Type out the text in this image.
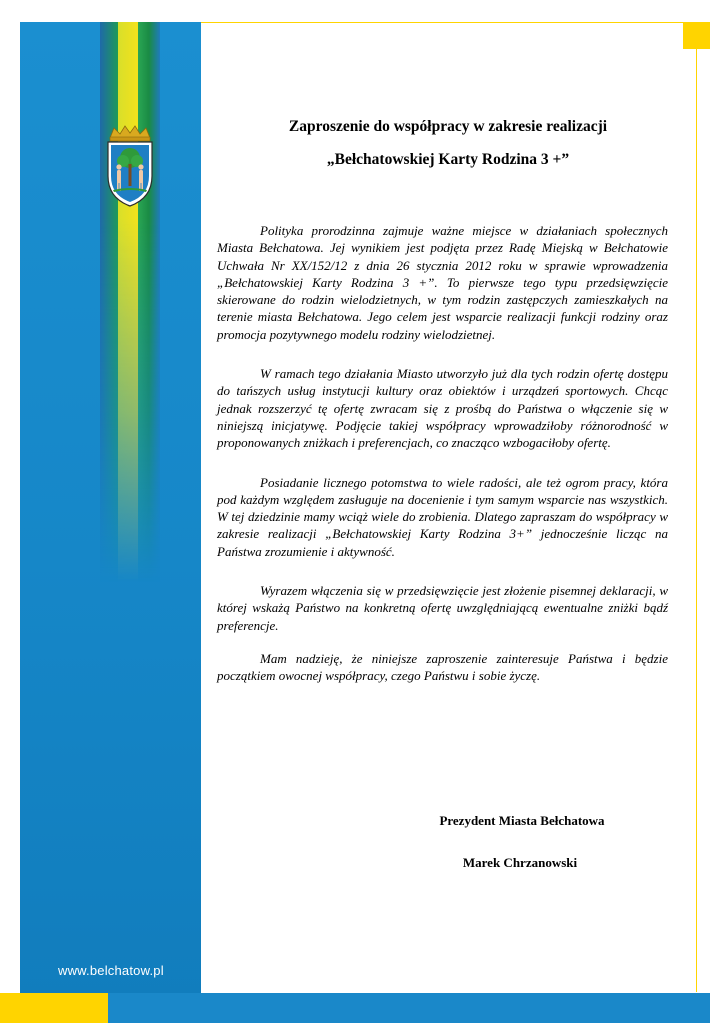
www.belchatow.pl
Zaproszenie do współpracy w zakresie realizacji
„Bełchatowskiej Karty Rodzina 3 +”

Polityka prorodzinna zajmuje ważne miejsce w działaniach społecznych Miasta Bełchatowa. Jej wynikiem jest podjęta przez Radę Miejską w Bełchatowie Uchwała Nr XX/152/12 z dnia 26 stycznia 2012 roku w sprawie wprowadzenia „Bełchatowskiej Karty Rodzina 3 +”. To pierwsze tego typu przedsięwzięcie skierowane do rodzin wielodzietnych, w tym rodzin zastępczych zamieszkałych na terenie miasta Bełchatowa. Jego celem jest wsparcie realizacji funkcji rodziny oraz promocja pozytywnego modelu rodziny wielodzietnej.

W ramach tego działania Miasto utworzyło już dla tych rodzin ofertę dostępu do tańszych usług instytucji kultury oraz obiektów i urządzeń sportowych. Chcąc jednak rozszerzyć tę ofertę zwracam się z prośbą do Państwa o włączenie się w niniejszą inicjatywę. Podjęcie takiej współpracy wprowadziłoby różnorodność w proponowanych zniżkach i preferencjach, co znacząco wzbogaciłoby ofertę.

Posiadanie licznego potomstwa to wiele radości, ale też ogrom pracy, która pod każdym względem zasługuje na docenienie i tym samym wsparcie nas wszystkich. W tej dziedzinie mamy wciąż wiele do zrobienia. Dlatego zapraszam do współpracy w zakresie realizacji „Bełchatowskiej Karty Rodzina 3+” jednocześnie licząc na Państwa zrozumienie i aktywność.

Wyrazem włączenia się w przedsięwzięcie jest złożenie pisemnej deklaracji, w której wskażą Państwo na konkretną ofertę uwzględniającą ewentualne zniżki bądź preferencje.

Mam nadzieję, że niniejsze zaproszenie zainteresuje Państwa i będzie początkiem owocnej współpracy, czego Państwu i sobie życzę.

Prezydent Miasta Bełchatowa
Marek Chrzanowski
